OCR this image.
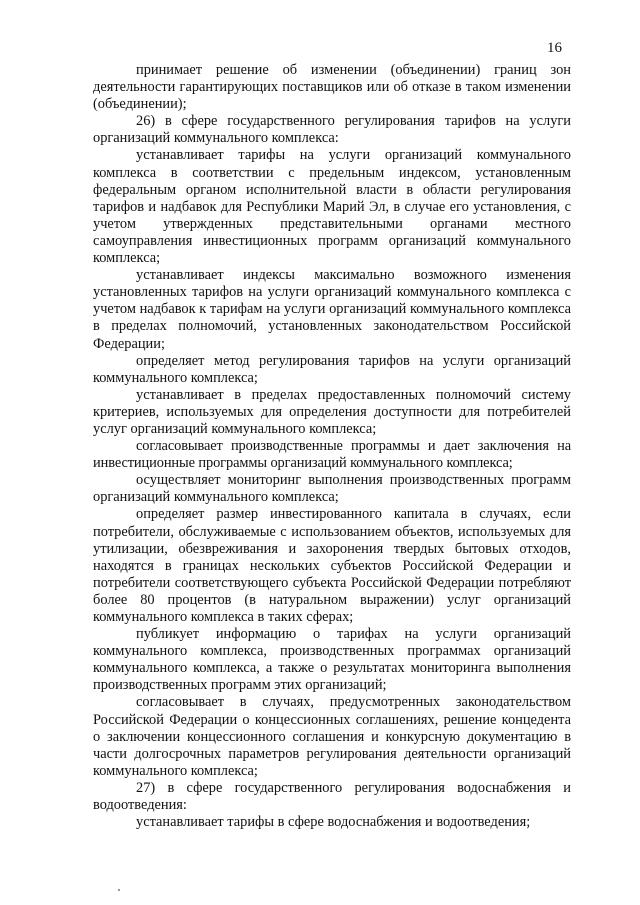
16

принимает решение об изменении (объединении) границ зон деятельности гарантирующих поставщиков или об отказе в таком изменении (объединении);

26) в сфере государственного регулирования тарифов на услуги организаций коммунального комплекса:

устанавливает тарифы на услуги организаций коммунального комплекса в соответствии с предельным индексом, установленным федеральным органом исполнительной власти в области регулирования тарифов и надбавок для Республики Марий Эл, в случае его установления, с учетом утвержденных представительными органами местного самоуправления инвестиционных программ организаций коммунального комплекса;

устанавливает индексы максимально возможного изменения установленных тарифов на услуги организаций коммунального комплекса с учетом надбавок к тарифам на услуги организаций коммунального комплекса в пределах полномочий, установленных законодательством Российской Федерации;

определяет метод регулирования тарифов на услуги организаций коммунального комплекса;

устанавливает в пределах предоставленных полномочий систему критериев, используемых для определения доступности для потребителей услуг организаций коммунального комплекса;

согласовывает производственные программы и дает заключения на инвестиционные программы организаций коммунального комплекса;

осуществляет мониторинг выполнения производственных программ организаций коммунального комплекса;

определяет размер инвестированного капитала в случаях, если потребители, обслуживаемые с использованием объектов, используемых для утилизации, обезвреживания и захоронения твердых бытовых отходов, находятся в границах нескольких субъектов Российской Федерации и потребители соответствующего субъекта Российской Федерации потребляют более 80 процентов (в натуральном выражении) услуг организаций коммунального комплекса в таких сферах;

публикует информацию о тарифах на услуги организаций коммунального комплекса, производственных программах организаций коммунального комплекса, а также о результатах мониторинга выполнения производственных программ этих организаций;

согласовывает в случаях, предусмотренных законодательством Российской Федерации о концессионных соглашениях, решение концедента о заключении концессионного соглашения и конкурсную документацию в части долгосрочных параметров регулирования деятельности организаций коммунального комплекса;

27) в сфере государственного регулирования водоснабжения и водоотведения:

устанавливает тарифы в сфере водоснабжения и водоотведения;
